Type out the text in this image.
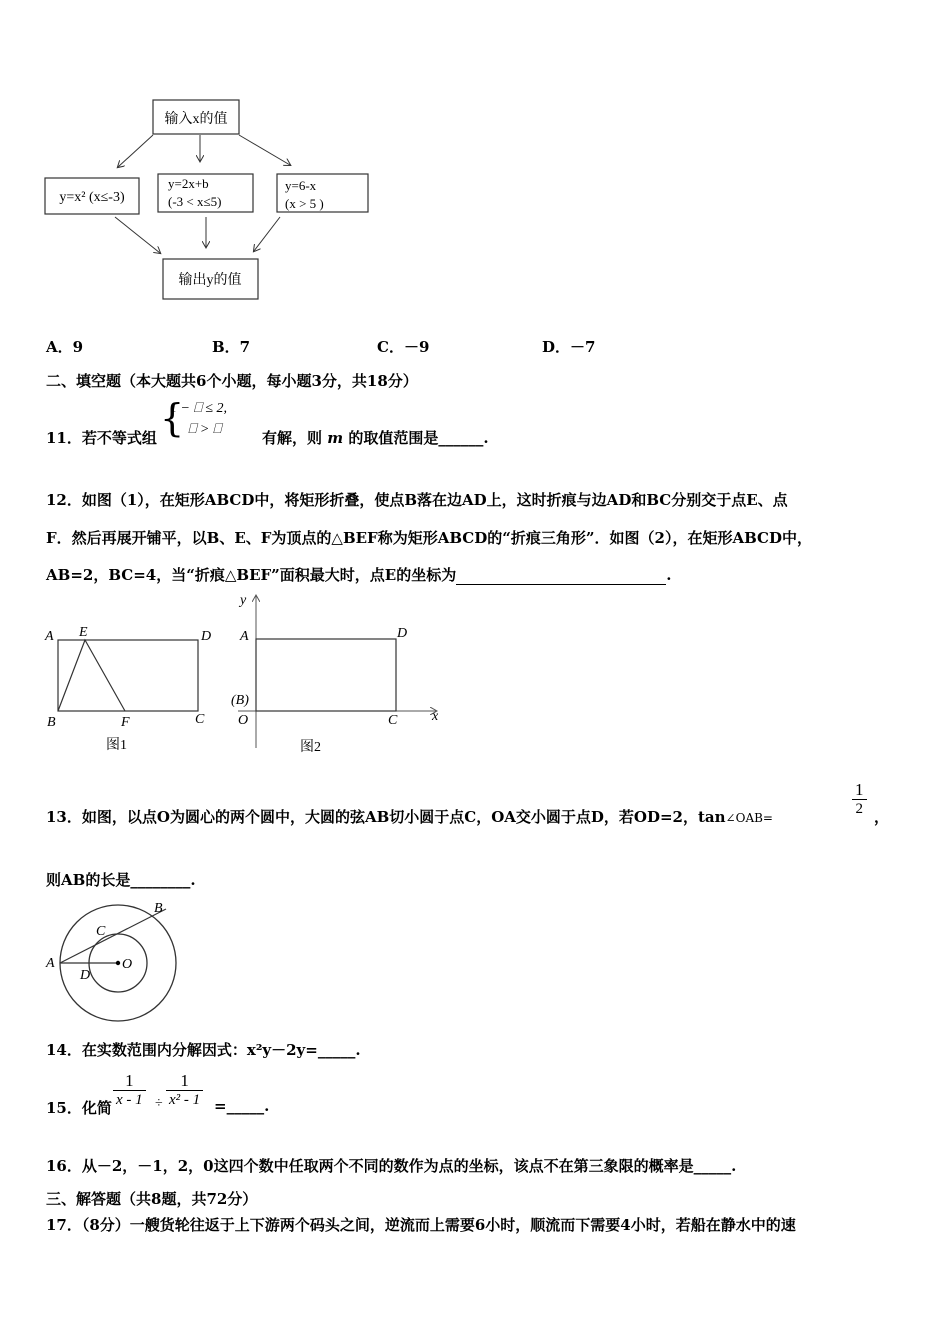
输入x的值
y=x² (x≤-3)
y=2x+b
(-3 < x≤5)
y=6-x
(x > 5 )
输出y的值
A．9	B．7	C．－9	D．－7
二、填空题（本大题共6个小题，每小题3分，共18分）
11．若不等式组 {
1 − ⎕ ≤ 2,
⎕ > ⎕	有解，则 m 的取值范围是______.
12．如图（1），在矩形ABCD中，将矩形折叠，使点B落在边AD上，这时折痕与边AD和BC分别交于点E、点
F．然后再展开铺平，以B、E、F为顶点的△BEF称为矩形ABCD的“折痕三角形”．如图（2），在矩形ABCD中，
AB=2，BC=4，当“折痕△BEF”面积最大时，点E的坐标为	.
A E	D
B	F	C
图1
y
A	D
(B)
O	C x
图2
13．如图，以点O为圆心的两个圆中，大圆的弦AB切小圆于点C，OA交小圆于点D，若OD=2，tan∠OAB=	$\frac{1}{2}$ ，
则AB的长是________.
A
B
C
D
O
14．在实数范围内分解因式：x²y－2y=_____.
15．化简 $\frac{1}{x - 1} \div \frac{1}{\text{x² - 1}}$ =_____.
16．从－2，－1，2，0这四个数中任取两个不同的数作为点的坐标，该点不在第三象限的概率是_____.
三、解答题（共8题，共72分）
17．（8分）一艘货轮往返于上下游两个码头之间，逆流而上需要6小时，顺流而下需要4小时，若船在静水中的速
